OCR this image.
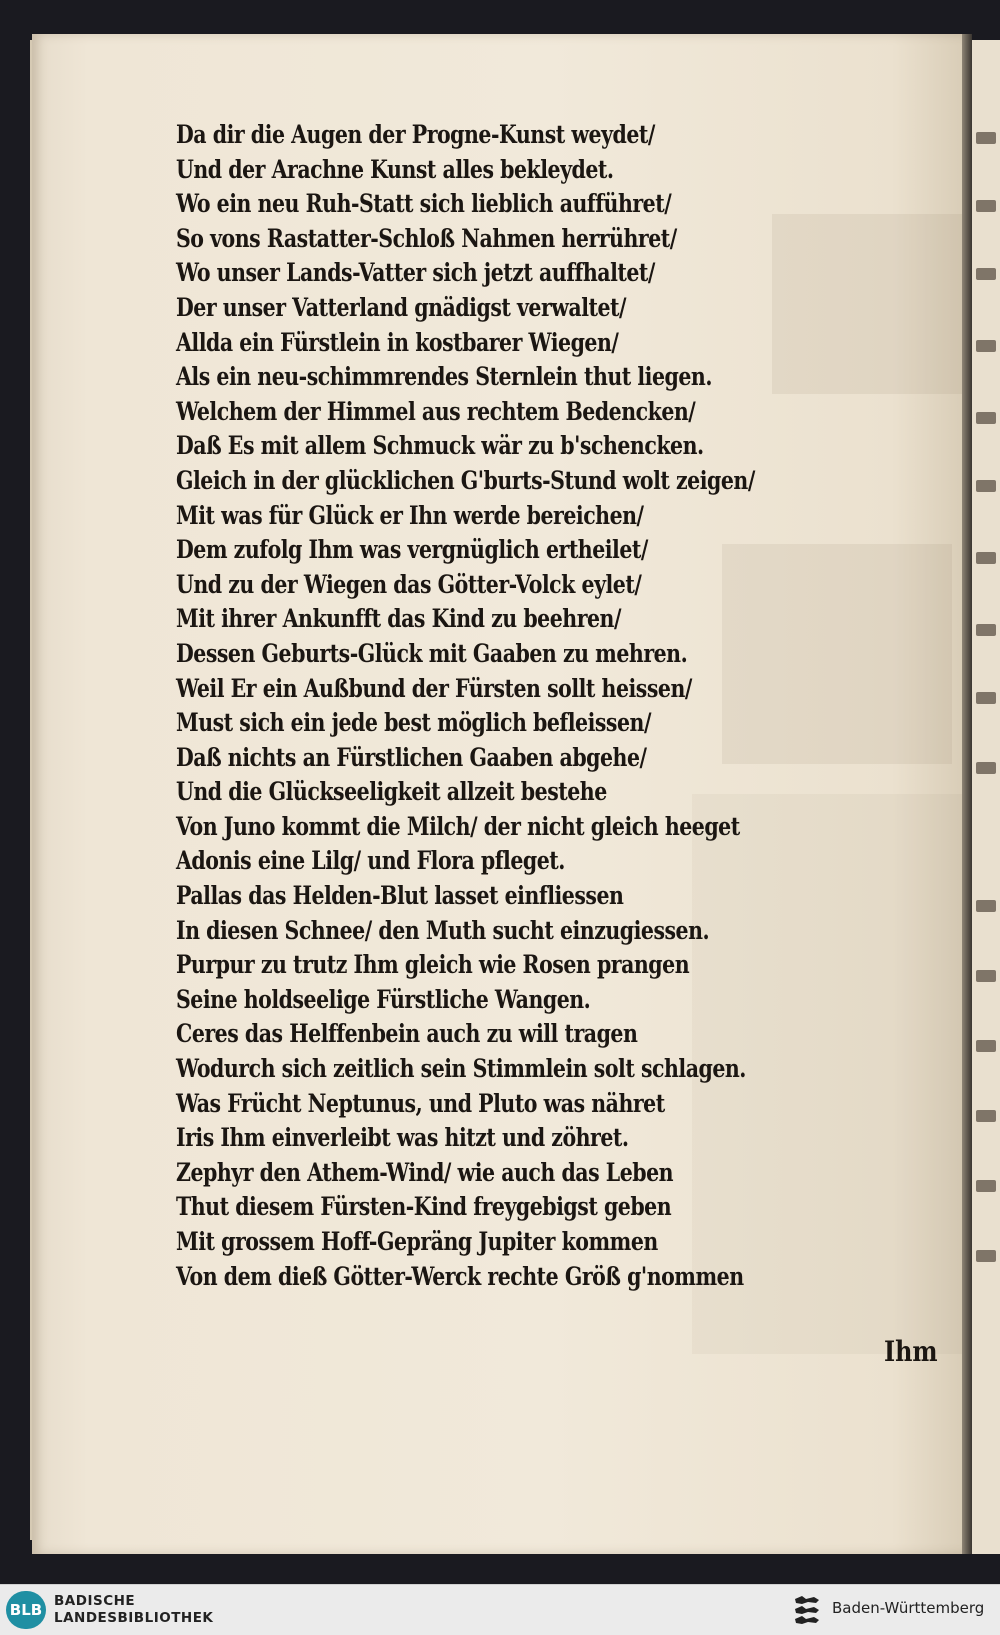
Da dir die Augen der Progne-Kunst weydet/
Und der Arachne Kunst alles bekleydet.
Wo ein neu Ruh-Statt sich lieblich aufführet/
So vons Rastatter-Schloß Nahmen herrühret/
Wo unser Lands-Vatter sich jetzt auffhaltet/
Der unser Vatterland gnädigst verwaltet/
Allda ein Fürstlein in kostbarer Wiegen/
Als ein neu-schimmrendes Sternlein thut liegen.
Welchem der Himmel aus rechtem Bedencken/
Daß Es mit allem Schmuck wär zu b'schencken.
Gleich in der glücklichen G'burts-Stund wolt zeigen/
Mit was für Glück er Ihn werde bereichen/
Dem zufolg Ihm was vergnüglich ertheilet/
Und zu der Wiegen das Götter-Volck eylet/
Mit ihrer Ankunfft das Kind zu beehren/
Dessen Geburts-Glück mit Gaaben zu mehren.
Weil Er ein Außbund der Fürsten sollt heissen/
Must sich ein jede best möglich befleissen/
Daß nichts an Fürstlichen Gaaben abgehe/
Und die Glückseeligkeit allzeit bestehe
Von Juno kommt die Milch/ der nicht gleich heeget
Adonis eine Lilg/ und Flora pfleget.
Pallas das Helden-Blut lasset einfliessen
In diesen Schnee/ den Muth sucht einzugiessen.
Purpur zu trutz Ihm gleich wie Rosen prangen
Seine holdseelige Fürstliche Wangen.
Ceres das Helffenbein auch zu will tragen
Wodurch sich zeitlich sein Stimmlein solt schlagen.
Was Frücht Neptunus, und Pluto was nähret
Iris Ihm einverleibt was hitzt und zöhret.
Zephyr den Athem-Wind/ wie auch das Leben
Thut diesem Fürsten-Kind freygebigst geben
Mit grossem Hoff-Gepräng Jupiter kommen
Von dem dieß Götter-Werck rechte Größ g'nommen
Ihm
BLB BADISCHE
LANDESBIBLIOTHEK
Baden-Württemberg
